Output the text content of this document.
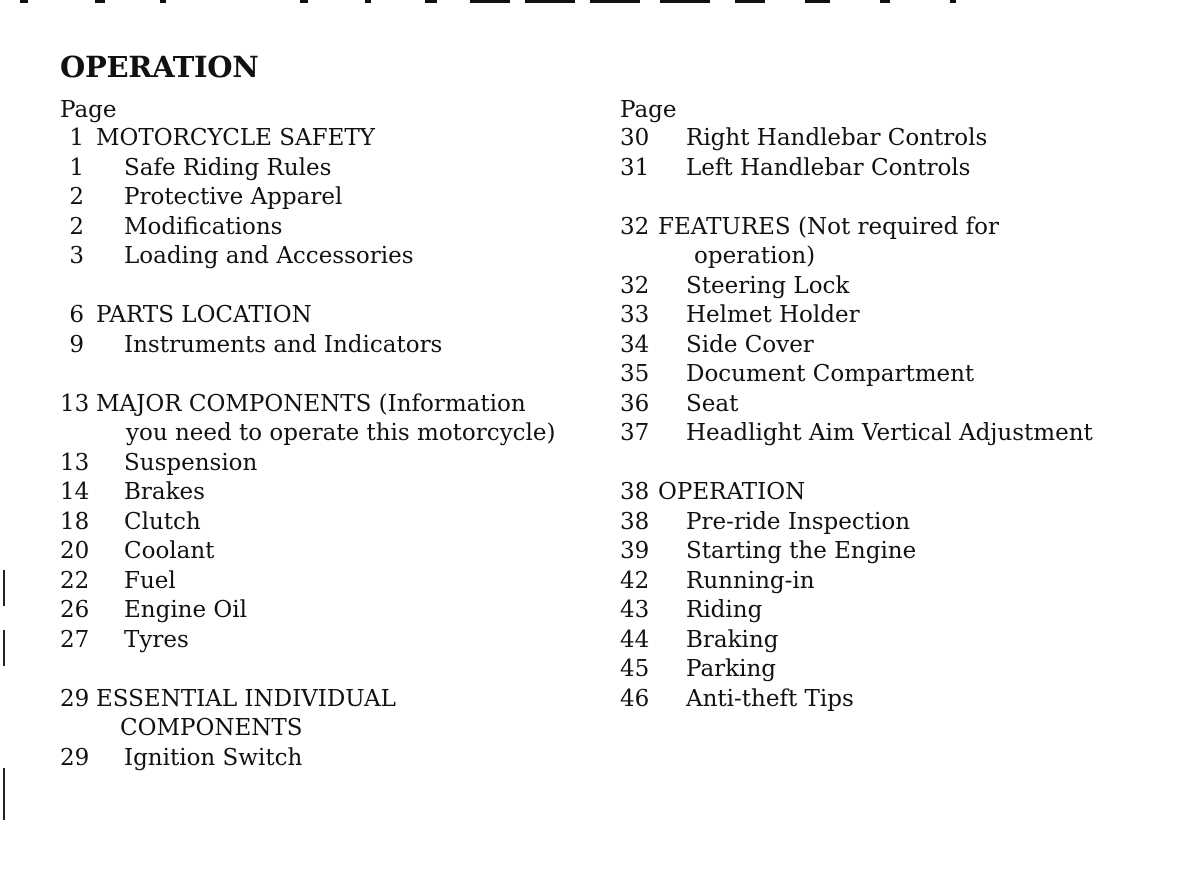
OPERATION
Page
1 MOTORCYCLE SAFETY
1	Safe Riding Rules
2	Protective Apparel
2	Modifications
3	Loading and Accessories
6 PARTS LOCATION
9	Instruments and Indicators
13 MAJOR COMPONENTS (Information
you need to operate this motorcycle)
13	Suspension
14	Brakes
18	Clutch
20	Coolant
22	Fuel
26	Engine Oil
27	Tyres
29 ESSENTIAL INDIVIDUAL
COMPONENTS
29	Ignition Switch
Page
30	Right Handlebar Controls
31	Left Handlebar Controls
32 FEATURES (Not required for
operation)
32	Steering Lock
33	Helmet Holder
34	Side Cover
35	Document Compartment
36	Seat
37	Headlight Aim Vertical Adjustment
38 OPERATION
38	Pre-ride Inspection
39	Starting the Engine
42	Running-in
43	Riding
44	Braking
45	Parking
46	Anti-theft Tips
